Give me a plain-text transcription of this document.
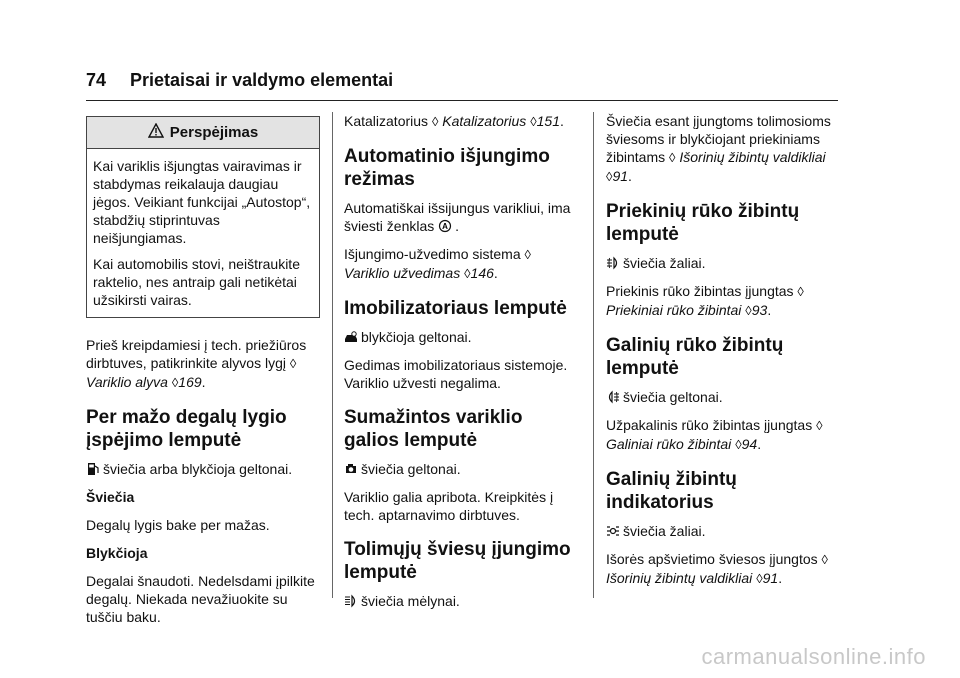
74 Prietaisai ir valdymo elementai
Perspėjimas

Kai variklis išjungtas vairavimas ir stabdymas reikalauja daugiau jėgos. Veikiant funkcijai „Autostop“, stabdžių stiprintuvas neišjungiamas.

Kai automobilis stovi, neištraukite raktelio, nes antraip gali netikėtai užsikirsti vairas.

Prieš kreipdamiesi į tech. priežiūros dirbtuves, patikrinkite alyvos lygį ◊ Variklio alyva ◊169.

Per mažo degalų lygio įspėjimo lemputė

šviečia arba blykčioja geltonai.

Šviečia

Degalų lygis bake per mažas.

Blykčioja

Degalai šnaudoti. Nedelsdami įpilkite degalų. Niekada nevažiuokite su tuščiu baku.

Katalizatorius ◊ Katalizatorius ◊151.

Automatinio išjungimo režimas

Automatiškai išsijungus varikliui, ima šviesti ženklas A .

Išjungimo-užvedimo sistema ◊ Variklio užvedimas ◊146.

Imobilizatoriaus lemputė

blykčioja geltonai.

Gedimas imobilizatoriaus sistemoje. Variklio užvesti negalima.

Sumažintos variklio galios lemputė

šviečia geltonai.

Variklio galia apribota. Kreipkitės į tech. aptarnavimo dirbtuves.

Tolimųjų šviesų įjungimo lemputė

šviečia mėlynai.

Šviečia esant įjungtoms tolimosioms šviesoms ir blykčiojant priekiniams žibintams ◊ Išorinių žibintų valdikliai ◊91.

Priekinių rūko žibintų lemputė

šviečia žaliai.

Priekinis rūko žibintas įjungtas ◊ Priekiniai rūko žibintai ◊93.

Galinių rūko žibintų lemputė

šviečia geltonai.

Užpakalinis rūko žibintas įjungtas ◊ Galiniai rūko žibintai ◊94.

Galinių žibintų indikatorius

šviečia žaliai.

Išorės apšvietimo šviesos įjungtos ◊ Išorinių žibintų valdikliai ◊91.

carmanualsonline.info
